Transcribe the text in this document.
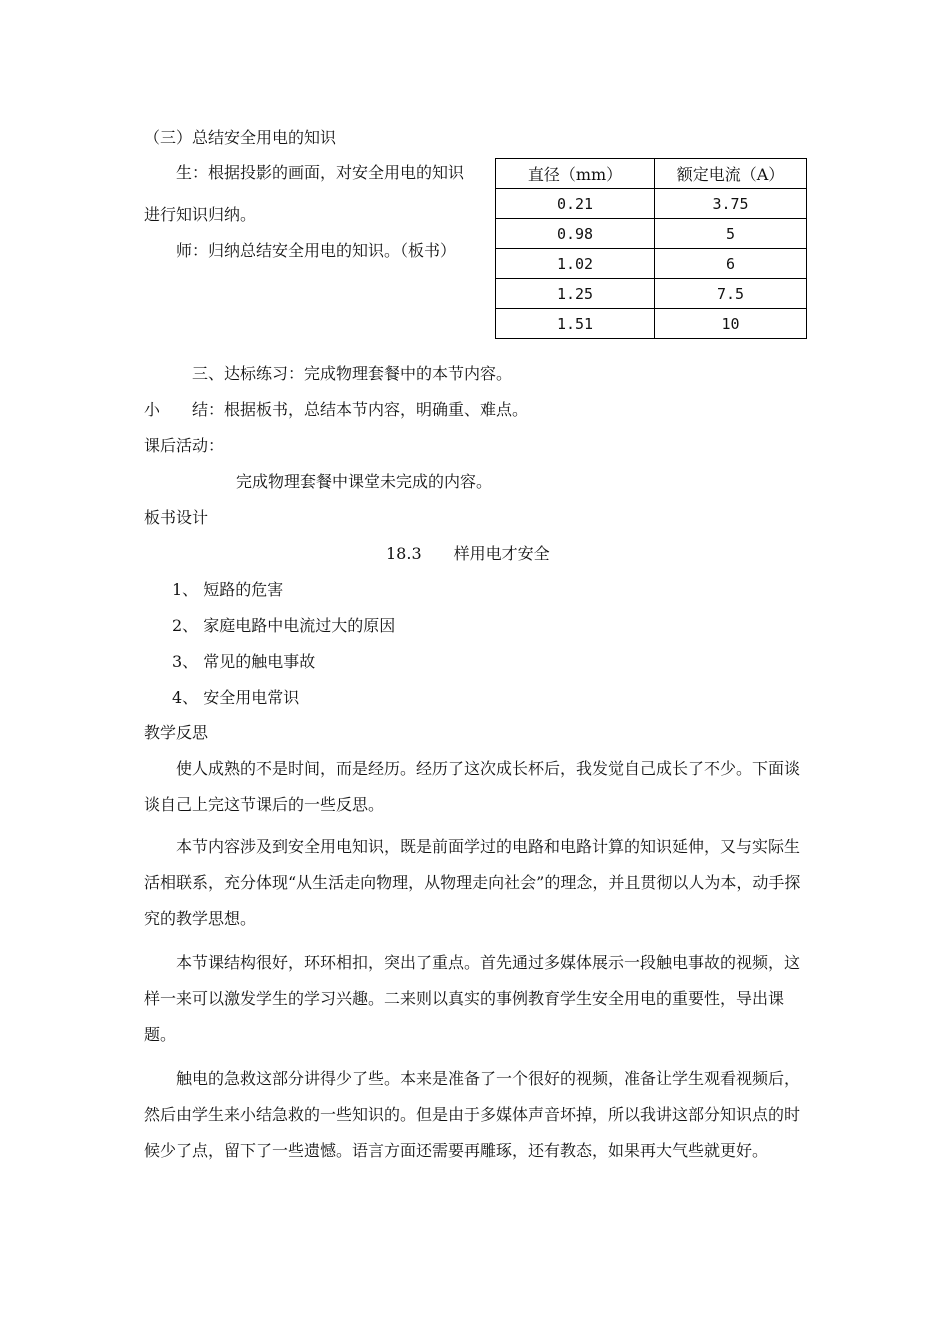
（三）总结安全用电的知识
生：根据投影的画面，对安全用电的知识
进行知识归纳。
师：归纳总结安全用电的知识。（板书）
直径（mm）	额定电流（A）
0.21	3.75
0.98	5
1.02	6
1.25	7.5
1.51	10
三、达标练习：完成物理套餐中的本节内容。
小　　结：根据板书，总结本节内容，明确重、难点。
课后活动：
完成物理套餐中课堂未完成的内容。
板书设计
18.3　　样用电才安全
1、 短路的危害
2、 家庭电路中电流过大的原因
3、 常见的触电事故
4、 安全用电常识
教学反思
使人成熟的不是时间，而是经历。经历了这次成长杯后，我发觉自己成长了不少。下面谈谈自己上完这节课后的一些反思。
本节内容涉及到安全用电知识，既是前面学过的电路和电路计算的知识延伸，又与实际生活相联系，充分体现“从生活走向物理，从物理走向社会”的理念，并且贯彻以人为本，动手探究的教学思想。
本节课结构很好，环环相扣，突出了重点。首先通过多媒体展示一段触电事故的视频，这样一来可以激发学生的学习兴趣。二来则以真实的事例教育学生安全用电的重要性，导出课题。
触电的急救这部分讲得少了些。本来是准备了一个很好的视频，准备让学生观看视频后，然后由学生来小结急救的一些知识的。但是由于多媒体声音坏掉，所以我讲这部分知识点的时候少了点，留下了一些遗憾。语言方面还需要再雕琢，还有教态，如果再大气些就更好。
